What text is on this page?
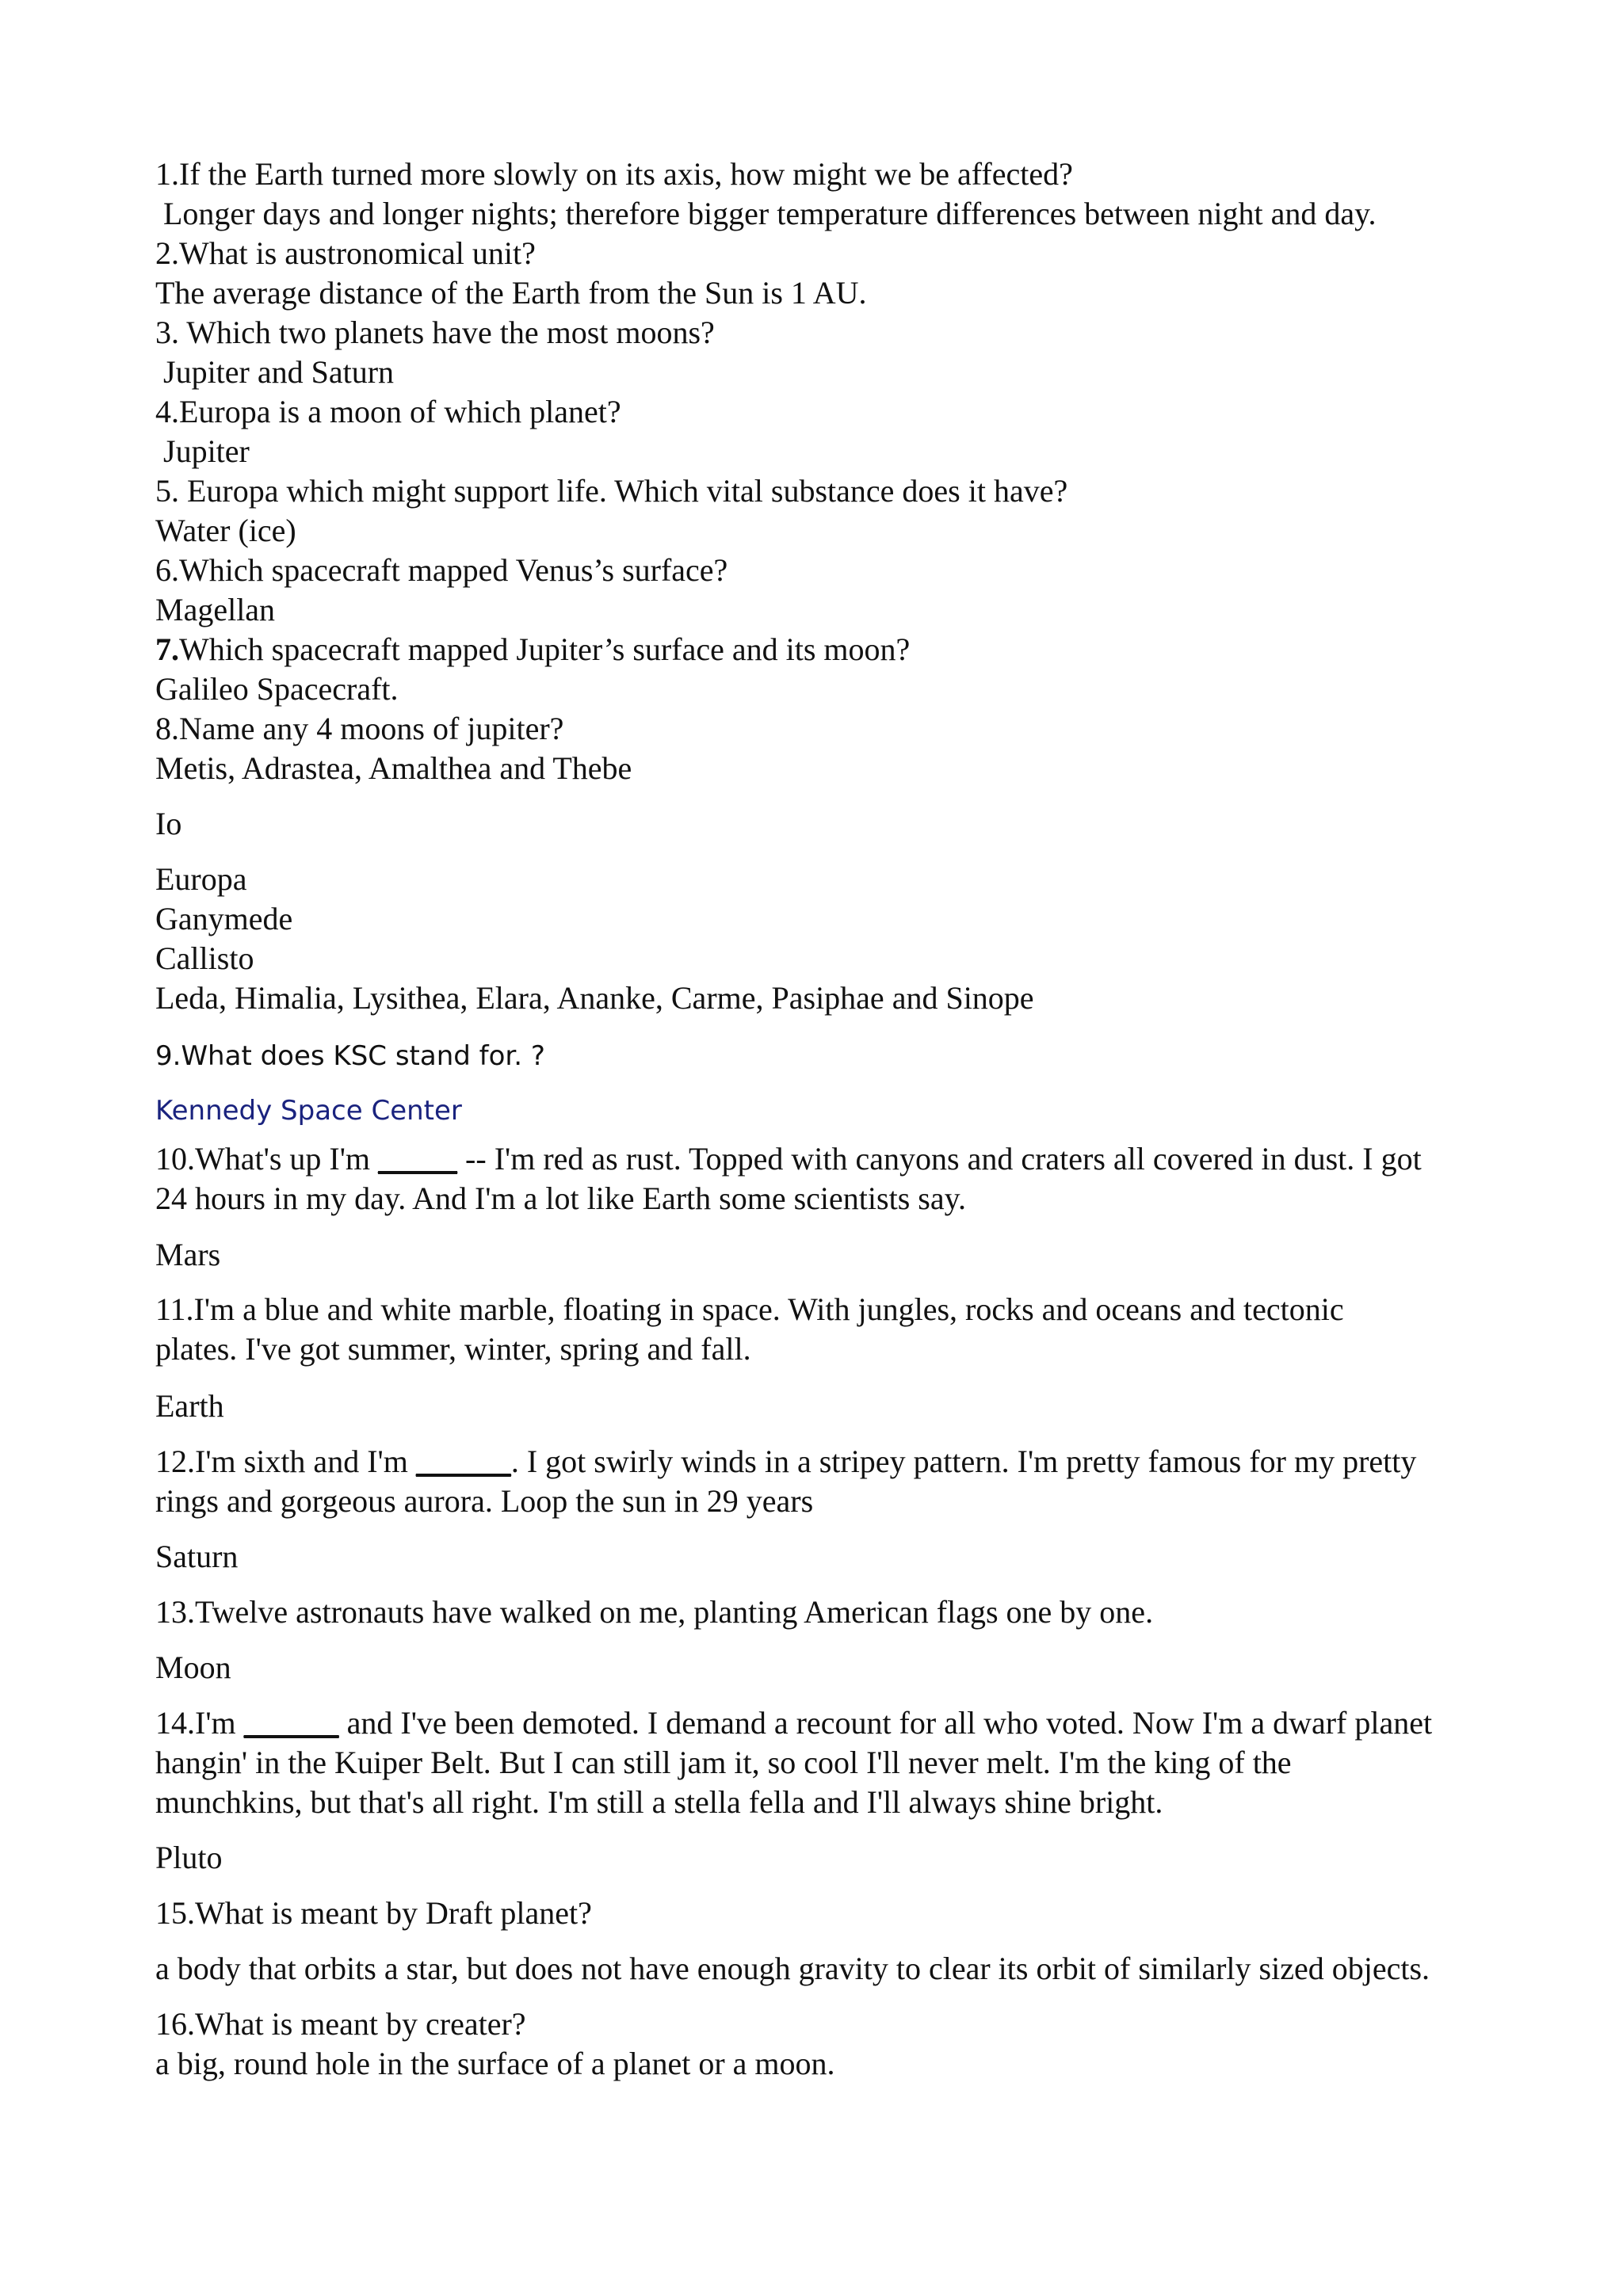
1.If the Earth turned more slowly on its axis, how might we be affected?
Longer days and longer nights; therefore bigger temperature differences between night and day.
2.What is austronomical unit?
The average distance of the Earth from the Sun is 1 AU.
3. Which two planets have the most moons?
Jupiter and Saturn
4.Europa is a moon of which planet?
Jupiter
5. Europa which might support life. Which vital substance does it have?
Water (ice)
6.Which spacecraft mapped Venus’s surface?
Magellan
7.Which spacecraft mapped Jupiter’s surface and its moon?
Galileo Spacecraft.
8.Name any 4 moons of jupiter?
Metis, Adrastea, Amalthea and Thebe
Io
Europa
Ganymede
Callisto
Leda, Himalia, Lysithea, Elara, Ananke, Carme, Pasiphae and Sinope
9.What does KSC stand for. ?
Kennedy Space Center
10.What's up I'm _____ -- I'm red as rust. Topped with canyons and craters all covered in dust. I got
24 hours in my day. And I'm a lot like Earth some scientists say.
Mars
11.I'm a blue and white marble, floating in space. With jungles, rocks and oceans and tectonic
plates. I've got summer, winter, spring and fall.
Earth
12.I'm sixth and I'm ______. I got swirly winds in a stripey pattern. I'm pretty famous for my pretty
rings and gorgeous aurora. Loop the sun in 29 years
Saturn
13.Twelve astronauts have walked on me, planting American flags one by one.
Moon
14.I'm ______ and I've been demoted. I demand a recount for all who voted. Now I'm a dwarf planet
hangin' in the Kuiper Belt. But I can still jam it, so cool I'll never melt. I'm the king of the
munchkins, but that's all right. I'm still a stella fella and I'll always shine bright.
Pluto
15.What is meant by Draft planet?
a body that orbits a star, but does not have enough gravity to clear its orbit of similarly sized objects.
16.What is meant by creater?
a big, round hole in the surface of a planet or a moon.
